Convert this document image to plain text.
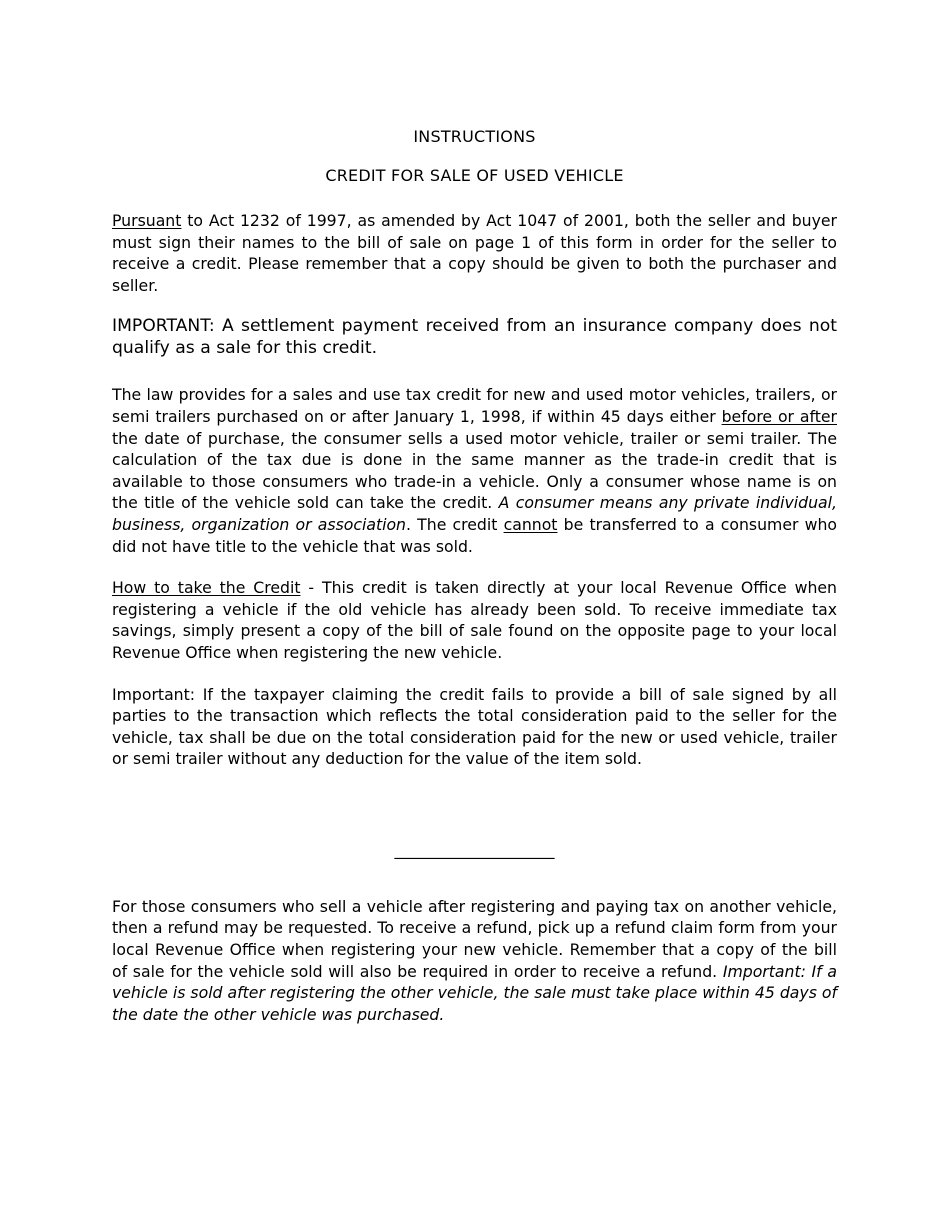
INSTRUCTIONS

CREDIT FOR SALE OF USED VEHICLE

Pursuant to Act 1232 of 1997, as amended by Act 1047 of 2001, both the seller and buyer must sign their names to the bill of sale on page 1 of this form in order for the seller to receive a credit. Please remember that a copy should be given to both the purchaser and seller.

IMPORTANT: A settlement payment received from an insurance company does not qualify as a sale for this credit.

The law provides for a sales and use tax credit for new and used motor vehicles, trailers, or semi trailers purchased on or after January 1, 1998, if within 45 days either before or after the date of purchase, the consumer sells a used motor vehicle, trailer or semi trailer. The calculation of the tax due is done in the same manner as the trade-in credit that is available to those consumers who trade-in a vehicle. Only a consumer whose name is on the title of the vehicle sold can take the credit. A consumer means any private individual, business, organization or association. The credit cannot be transferred to a consumer who did not have title to the vehicle that was sold.

How to take the Credit - This credit is taken directly at your local Revenue Office when registering a vehicle if the old vehicle has already been sold. To receive immediate tax savings, simply present a copy of the bill of sale found on the opposite page to your local Revenue Office when registering the new vehicle.

Important: If the taxpayer claiming the credit fails to provide a bill of sale signed by all parties to the transaction which reflects the total consideration paid to the seller for the vehicle, tax shall be due on the total consideration paid for the new or used vehicle, trailer or semi trailer without any deduction for the value of the item sold.

____________________

For those consumers who sell a vehicle after registering and paying tax on another vehicle, then a refund may be requested. To receive a refund, pick up a refund claim form from your local Revenue Office when registering your new vehicle. Remember that a copy of the bill of sale for the vehicle sold will also be required in order to receive a refund. Important: If a vehicle is sold after registering the other vehicle, the sale must take place within 45 days of the date the other vehicle was purchased.
